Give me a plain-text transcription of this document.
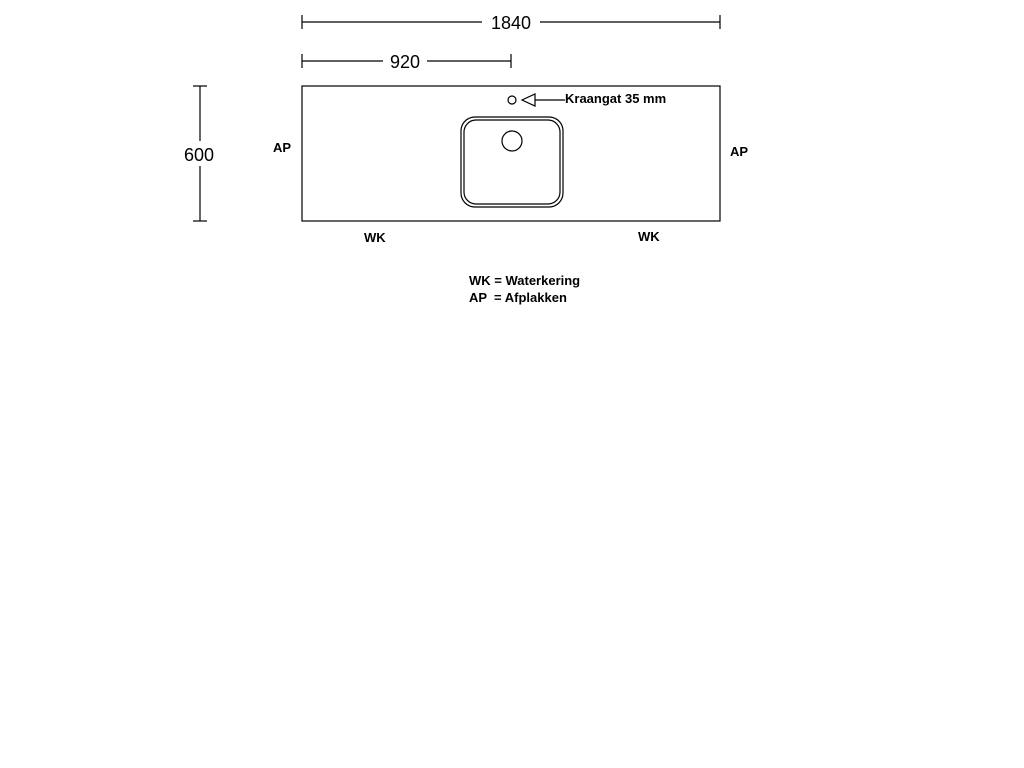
1840
920
600
Kraangat 35 mm
AP	AP
WK	WK
WK = Waterkering
AP  = Afplakken
